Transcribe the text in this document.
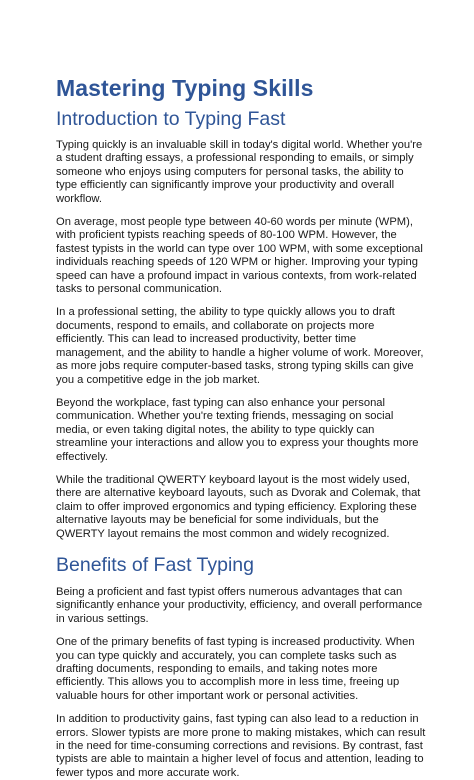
Mastering Typing Skills
Introduction to Typing Fast

Typing quickly is an invaluable skill in today's digital world. Whether you're a student drafting essays, a professional responding to emails, or simply someone who enjoys using computers for personal tasks, the ability to type efficiently can significantly improve your productivity and overall workflow.

On average, most people type between 40-60 words per minute (WPM), with proficient typists reaching speeds of 80-100 WPM. However, the fastest typists in the world can type over 100 WPM, with some exceptional individuals reaching speeds of 120 WPM or higher. Improving your typing speed can have a profound impact in various contexts, from work-related tasks to personal communication.

In a professional setting, the ability to type quickly allows you to draft documents, respond to emails, and collaborate on projects more efficiently. This can lead to increased productivity, better time management, and the ability to handle a higher volume of work. Moreover, as more jobs require computer-based tasks, strong typing skills can give you a competitive edge in the job market.

Beyond the workplace, fast typing can also enhance your personal communication. Whether you're texting friends, messaging on social media, or even taking digital notes, the ability to type quickly can streamline your interactions and allow you to express your thoughts more effectively.

While the traditional QWERTY keyboard layout is the most widely used, there are alternative keyboard layouts, such as Dvorak and Colemak, that claim to offer improved ergonomics and typing efficiency. Exploring these alternative layouts may be beneficial for some individuals, but the QWERTY layout remains the most common and widely recognized.

Benefits of Fast Typing

Being a proficient and fast typist offers numerous advantages that can significantly enhance your productivity, efficiency, and overall performance in various settings.

One of the primary benefits of fast typing is increased productivity. When you can type quickly and accurately, you can complete tasks such as drafting documents, responding to emails, and taking notes more efficiently. This allows you to accomplish more in less time, freeing up valuable hours for other important work or personal activities.

In addition to productivity gains, fast typing can also lead to a reduction in errors. Slower typists are more prone to making mistakes, which can result in the need for time-consuming corrections and revisions. By contrast, fast typists are able to maintain a higher level of focus and attention, leading to fewer typos and more accurate work.
